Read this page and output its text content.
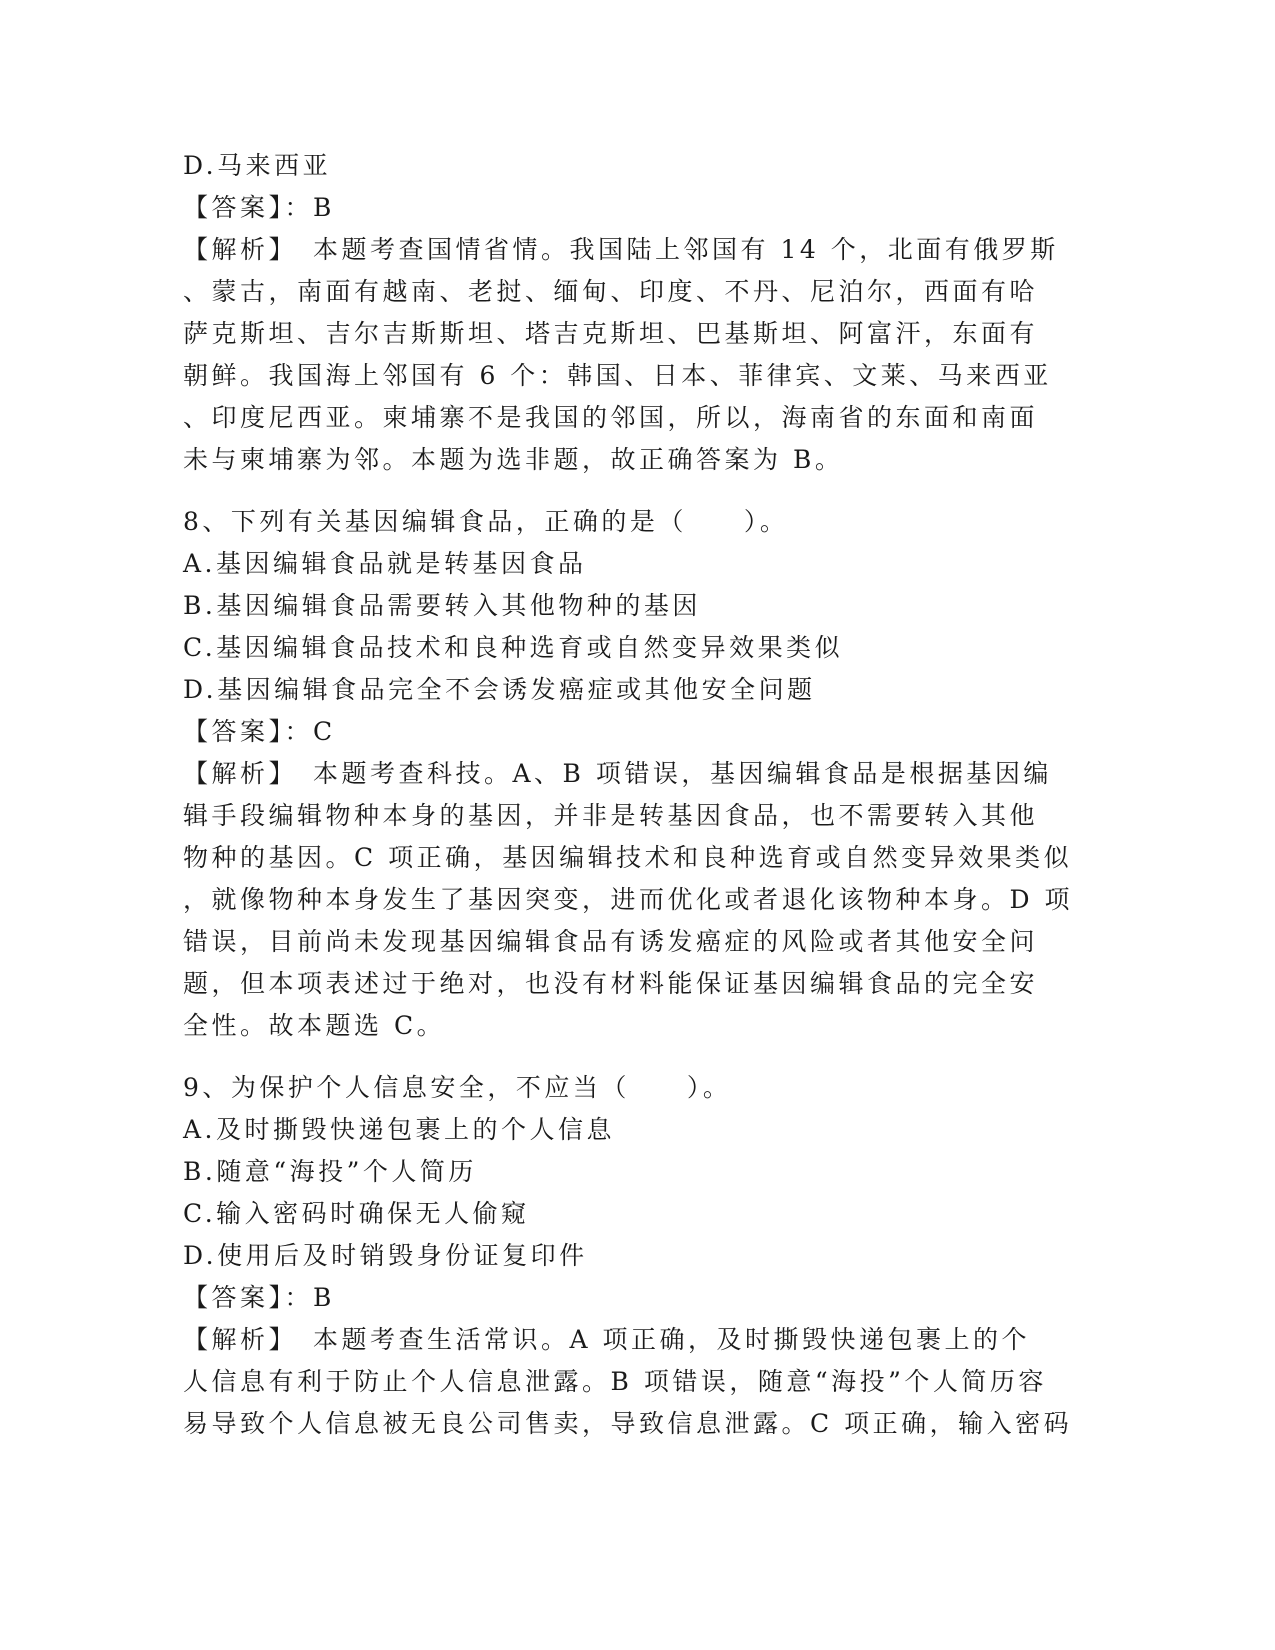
D.马来西亚
【答案】：B
【解析】　本题考查国情省情。我国陆上邻国有 14 个，北面有俄罗斯
、蒙古，南面有越南、老挝、缅甸、印度、不丹、尼泊尔，西面有哈
萨克斯坦、吉尔吉斯斯坦、塔吉克斯坦、巴基斯坦、阿富汗，东面有
朝鲜。我国海上邻国有 6 个：韩国、日本、菲律宾、文莱、马来西亚
、印度尼西亚。柬埔寨不是我国的邻国，所以，海南省的东面和南面
未与柬埔寨为邻。本题为选非题，故正确答案为 B。
8、下列有关基因编辑食品，正确的是（　　）。
A.基因编辑食品就是转基因食品
B.基因编辑食品需要转入其他物种的基因
C.基因编辑食品技术和良种选育或自然变异效果类似
D.基因编辑食品完全不会诱发癌症或其他安全问题
【答案】：C
【解析】　本题考查科技。A、B 项错误，基因编辑食品是根据基因编
辑手段编辑物种本身的基因，并非是转基因食品，也不需要转入其他
物种的基因。C 项正确，基因编辑技术和良种选育或自然变异效果类似
，就像物种本身发生了基因突变，进而优化或者退化该物种本身。D 项
错误，目前尚未发现基因编辑食品有诱发癌症的风险或者其他安全问
题，但本项表述过于绝对，也没有材料能保证基因编辑食品的完全安
全性。故本题选 C。
9、为保护个人信息安全，不应当（　　）。
A.及时撕毁快递包裹上的个人信息
B.随意“海投”个人简历
C.输入密码时确保无人偷窥
D.使用后及时销毁身份证复印件
【答案】：B
【解析】　本题考查生活常识。A 项正确，及时撕毁快递包裹上的个
人信息有利于防止个人信息泄露。B 项错误，随意“海投”个人简历容
易导致个人信息被无良公司售卖，导致信息泄露。C 项正确，输入密码
